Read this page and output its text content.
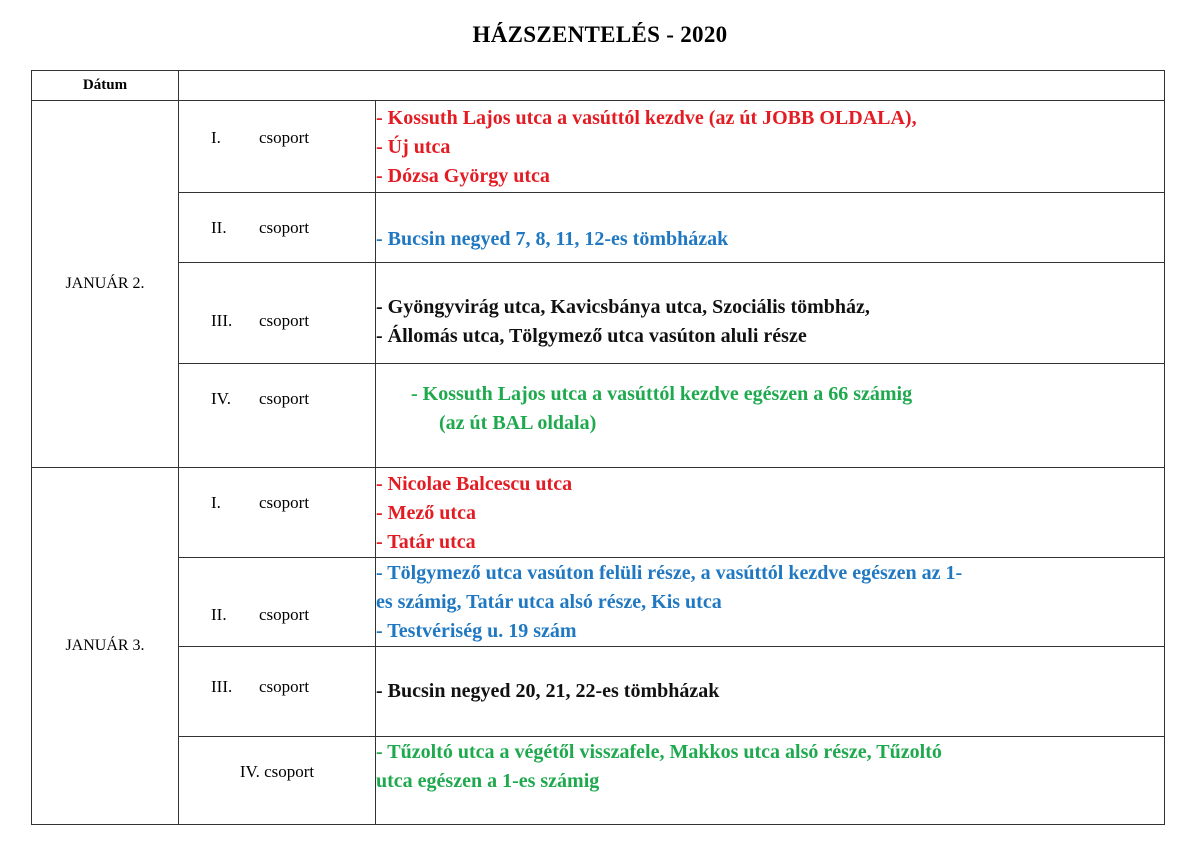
HÁZSZENTELÉS - 2020
Dátum		
JANUÁR 2.	I. csoport	- Kossuth Lajos utca a vasúttól kezdve (az út JOBB OLDALA),
- Új utca
- Dózsa György utca

	II. csoport	- Bucsin negyed 7, 8, 11, 12-es tömbházak

	III. csoport	- Gyöngyvirág utca, Kavicsbánya utca, Szociális tömbház,
- Állomás utca, Tölgymező utca vasúton aluli része

	IV. csoport	- Kossuth Lajos utca a vasúttól kezdve egészen a 66 számig
(az út BAL oldala)

JANUÁR 3.	I. csoport	- Nicolae Balcescu utca
- Mező utca
- Tatár utca

	II. csoport	- Tölgymező utca vasúton felüli része, a vasúttól kezdve egészen az 1-
es számig, Tatár utca alsó része, Kis utca
- Testvériség u. 19 szám

	III. csoport	- Bucsin negyed 20, 21, 22-es tömbházak

	IV. csoport	- Tűzoltó utca a végétől visszafele, Makkos utca alsó része, Tűzoltó
utca egészen a 1-es számig
